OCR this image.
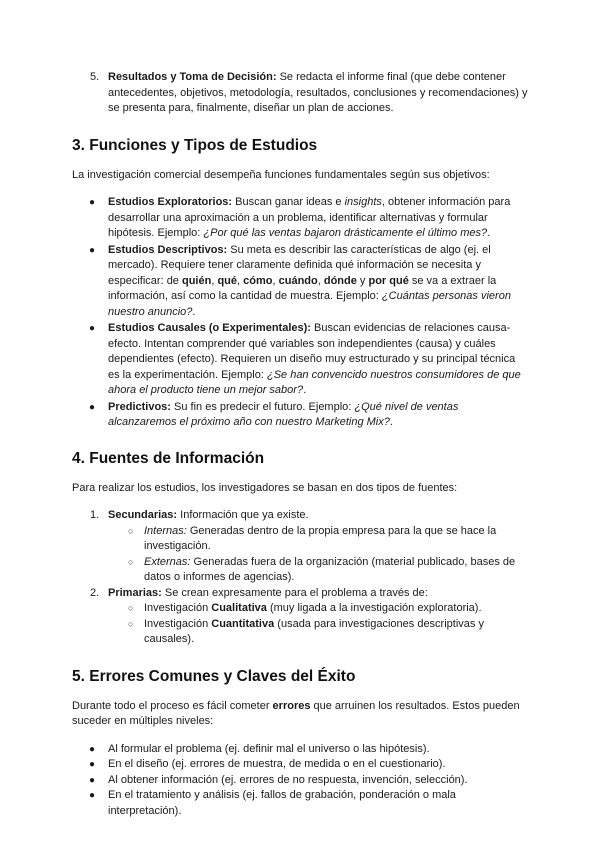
5. Resultados y Toma de Decisión: Se redacta el informe final (que debe contener antecedentes, objetivos, metodología, resultados, conclusiones y recomendaciones) y se presenta para, finalmente, diseñar un plan de acciones.
3. Funciones y Tipos de Estudios

La investigación comercial desempeña funciones fundamentales según sus objetivos:

● Estudios Exploratorios: Buscan ganar ideas e insights, obtener información para desarrollar una aproximación a un problema, identificar alternativas y formular hipótesis. Ejemplo: ¿Por qué las ventas bajaron drásticamente el último mes?.
● Estudios Descriptivos: Su meta es describir las características de algo (ej. el mercado). Requiere tener claramente definida qué información se necesita y especificar: de quién, qué, cómo, cuándo, dónde y por qué se va a extraer la información, así como la cantidad de muestra. Ejemplo: ¿Cuántas personas vieron nuestro anuncio?.
● Estudios Causales (o Experimentales): Buscan evidencias de relaciones causa-efecto. Intentan comprender qué variables son independientes (causa) y cuáles dependientes (efecto). Requieren un diseño muy estructurado y su principal técnica es la experimentación. Ejemplo: ¿Se han convencido nuestros consumidores de que ahora el producto tiene un mejor sabor?.
● Predictivos: Su fin es predecir el futuro. Ejemplo: ¿Qué nivel de ventas alcanzaremos el próximo año con nuestro Marketing Mix?.
4. Fuentes de Información

Para realizar los estudios, los investigadores se basan en dos tipos de fuentes:

1. Secundarias: Información que ya existe.
○ Internas: Generadas dentro de la propia empresa para la que se hace la investigación.
○ Externas: Generadas fuera de la organización (material publicado, bases de datos o informes de agencias).
2. Primarias: Se crean expresamente para el problema a través de:
○ Investigación Cualitativa (muy ligada a la investigación exploratoria).
○ Investigación Cuantitativa (usada para investigaciones descriptivas y causales).
5. Errores Comunes y Claves del Éxito

Durante todo el proceso es fácil cometer errores que arruinen los resultados. Estos pueden suceder en múltiples niveles:

● Al formular el problema (ej. definir mal el universo o las hipótesis).
● En el diseño (ej. errores de muestra, de medida o en el cuestionario).
● Al obtener información (ej. errores de no respuesta, invención, selección).
● En el tratamiento y análisis (ej. fallos de grabación, ponderación o mala interpretación).
